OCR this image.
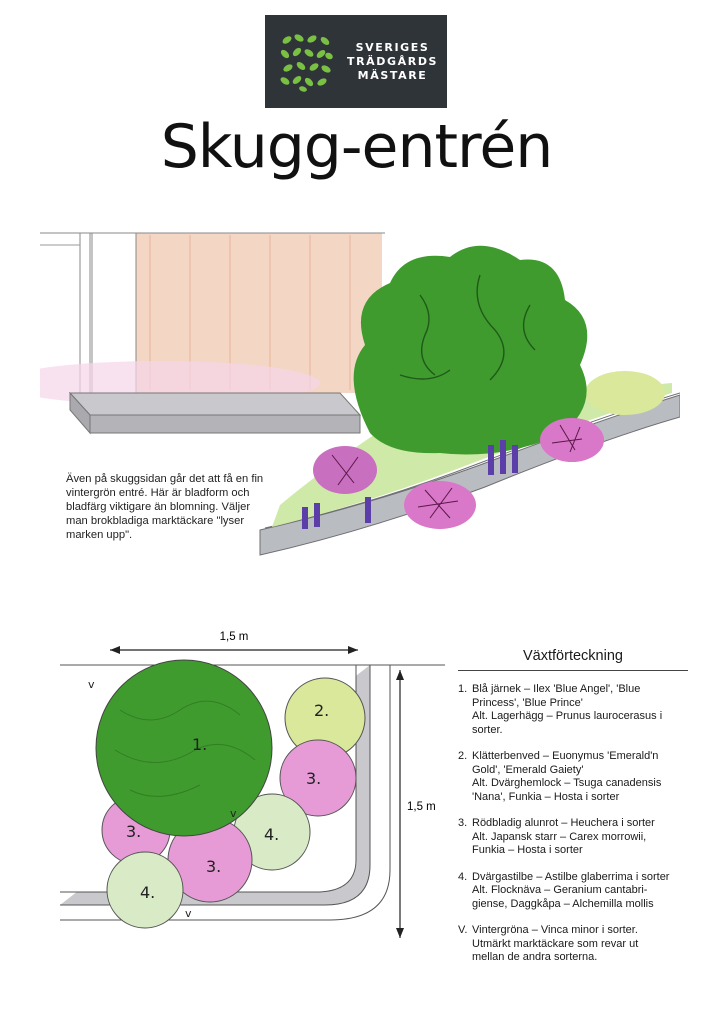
SVERIGES
TRÄDGÅRDS
MÄSTARE
Skugg-entrén
Även på skuggsidan går det att få en fin vintergrön entré. Här är bladform och bladfärg viktigare än blomning. Väljer man brokbladiga marktäckare "lyser marken upp".
1,5 m
1,5 m
1.
2.
3.
3.
3.
4.
4.
v
v
v
Växtförteckning
1. Blå järnek – Ilex 'Blue Angel', 'Blue
Princess', 'Blue Prince'
Alt. Lagerhägg – Prunus laurocerasus i
sorter.
2. Klätterbenved – Euonymus 'Emerald'n
Gold', 'Emerald Gaiety'
Alt. Dvärghemlock – Tsuga canadensis
'Nana', Funkia – Hosta i sorter
3. Rödbladig alunrot – Heuchera i sorter
Alt. Japansk starr – Carex morrowii,
Funkia – Hosta i sorter
4. Dvärgastilbe – Astilbe glaberrima i sorter
Alt. Flocknäva – Geranium cantabri-
giense, Daggkåpa – Alchemilla mollis
V. Vintergröna – Vinca minor i sorter.
Utmärkt marktäckare som revar ut
mellan de andra sorterna.
